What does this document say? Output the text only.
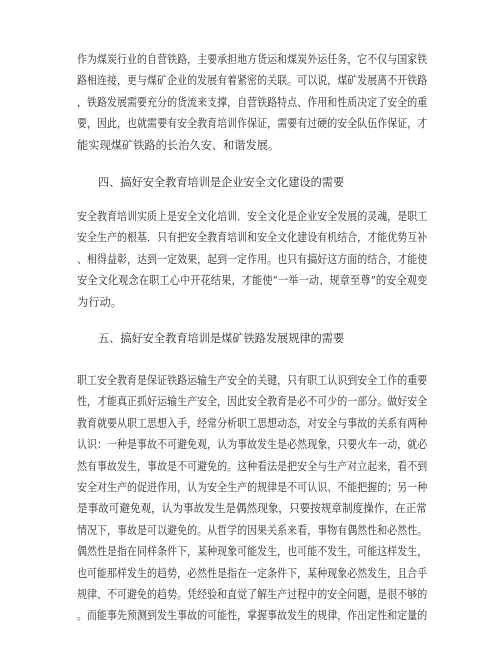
作为煤炭行业的自营铁路，主要承担地方货运和煤炭外运任务，它不仅与国家铁
路相连接，更与煤矿企业的发展有着紧密的关联。可以说，煤矿发展离不开铁路
，铁路发展需要充分的货流来支撑，自营铁路特点、作用和性质决定了安全的重
要，因此，也就需要有安全教育培训作保证，需要有过硬的安全队伍作保证，才
能实现煤矿铁路的长治久安、和谐发展。
四、搞好安全教育培训是企业安全文化建设的需要
安全教育培训实质上是安全文化培训．安全文化是企业安全发展的灵魂，是职工
安全生产的根基．只有把安全教育培训和安全文化建设有机结合，才能优势互补
、相得益彰，达到一定效果，起到一定作用。也只有搞好这方面的结合，才能使
安全文化观念在职工心中开花结果，才能使“一举一动、规章至尊”的安全观变
为行动。
五、搞好安全教育培训是煤矿铁路发展规律的需要
职工安全教育是保证铁路运输生产安全的关键，只有职工认识到安全工作的重要
性，才能真正抓好运输生产安全，因此安全教育是必不可少的一部分。做好安全
教育就要从职工思想入手，经常分析职工思想动态，对安全与事故的关系有两种
认识：一种是事故不可避免观，认为事故发生是必然现象，只要火车一动，就必
然有事故发生，事故是不可避免的。这种看法是把安全与生产对立起来，看不到
安全对生产的促进作用，认为安全生产的规律是不可认识、不能把握的；另一种
是事故可避免观，认为事故发生是偶然现象，只要按规章制度操作，在正常
情况下，事故是可以避免的。从哲学的因果关系来看，事物有偶然性和必然性。
偶然性是指在同样条件下，某种现象可能发生，也可能不发生，可能这样发生，
也可能那样发生的趋势，必然性是指在一定条件下，某种现象必然发生，且合乎
规律、不可避免的趋势。凭经验和直觉了解生产过程中的安全问题，是很不够的
。而能事先预测到发生事故的可能性，掌握事故发生的规律，作出定性和定量的
